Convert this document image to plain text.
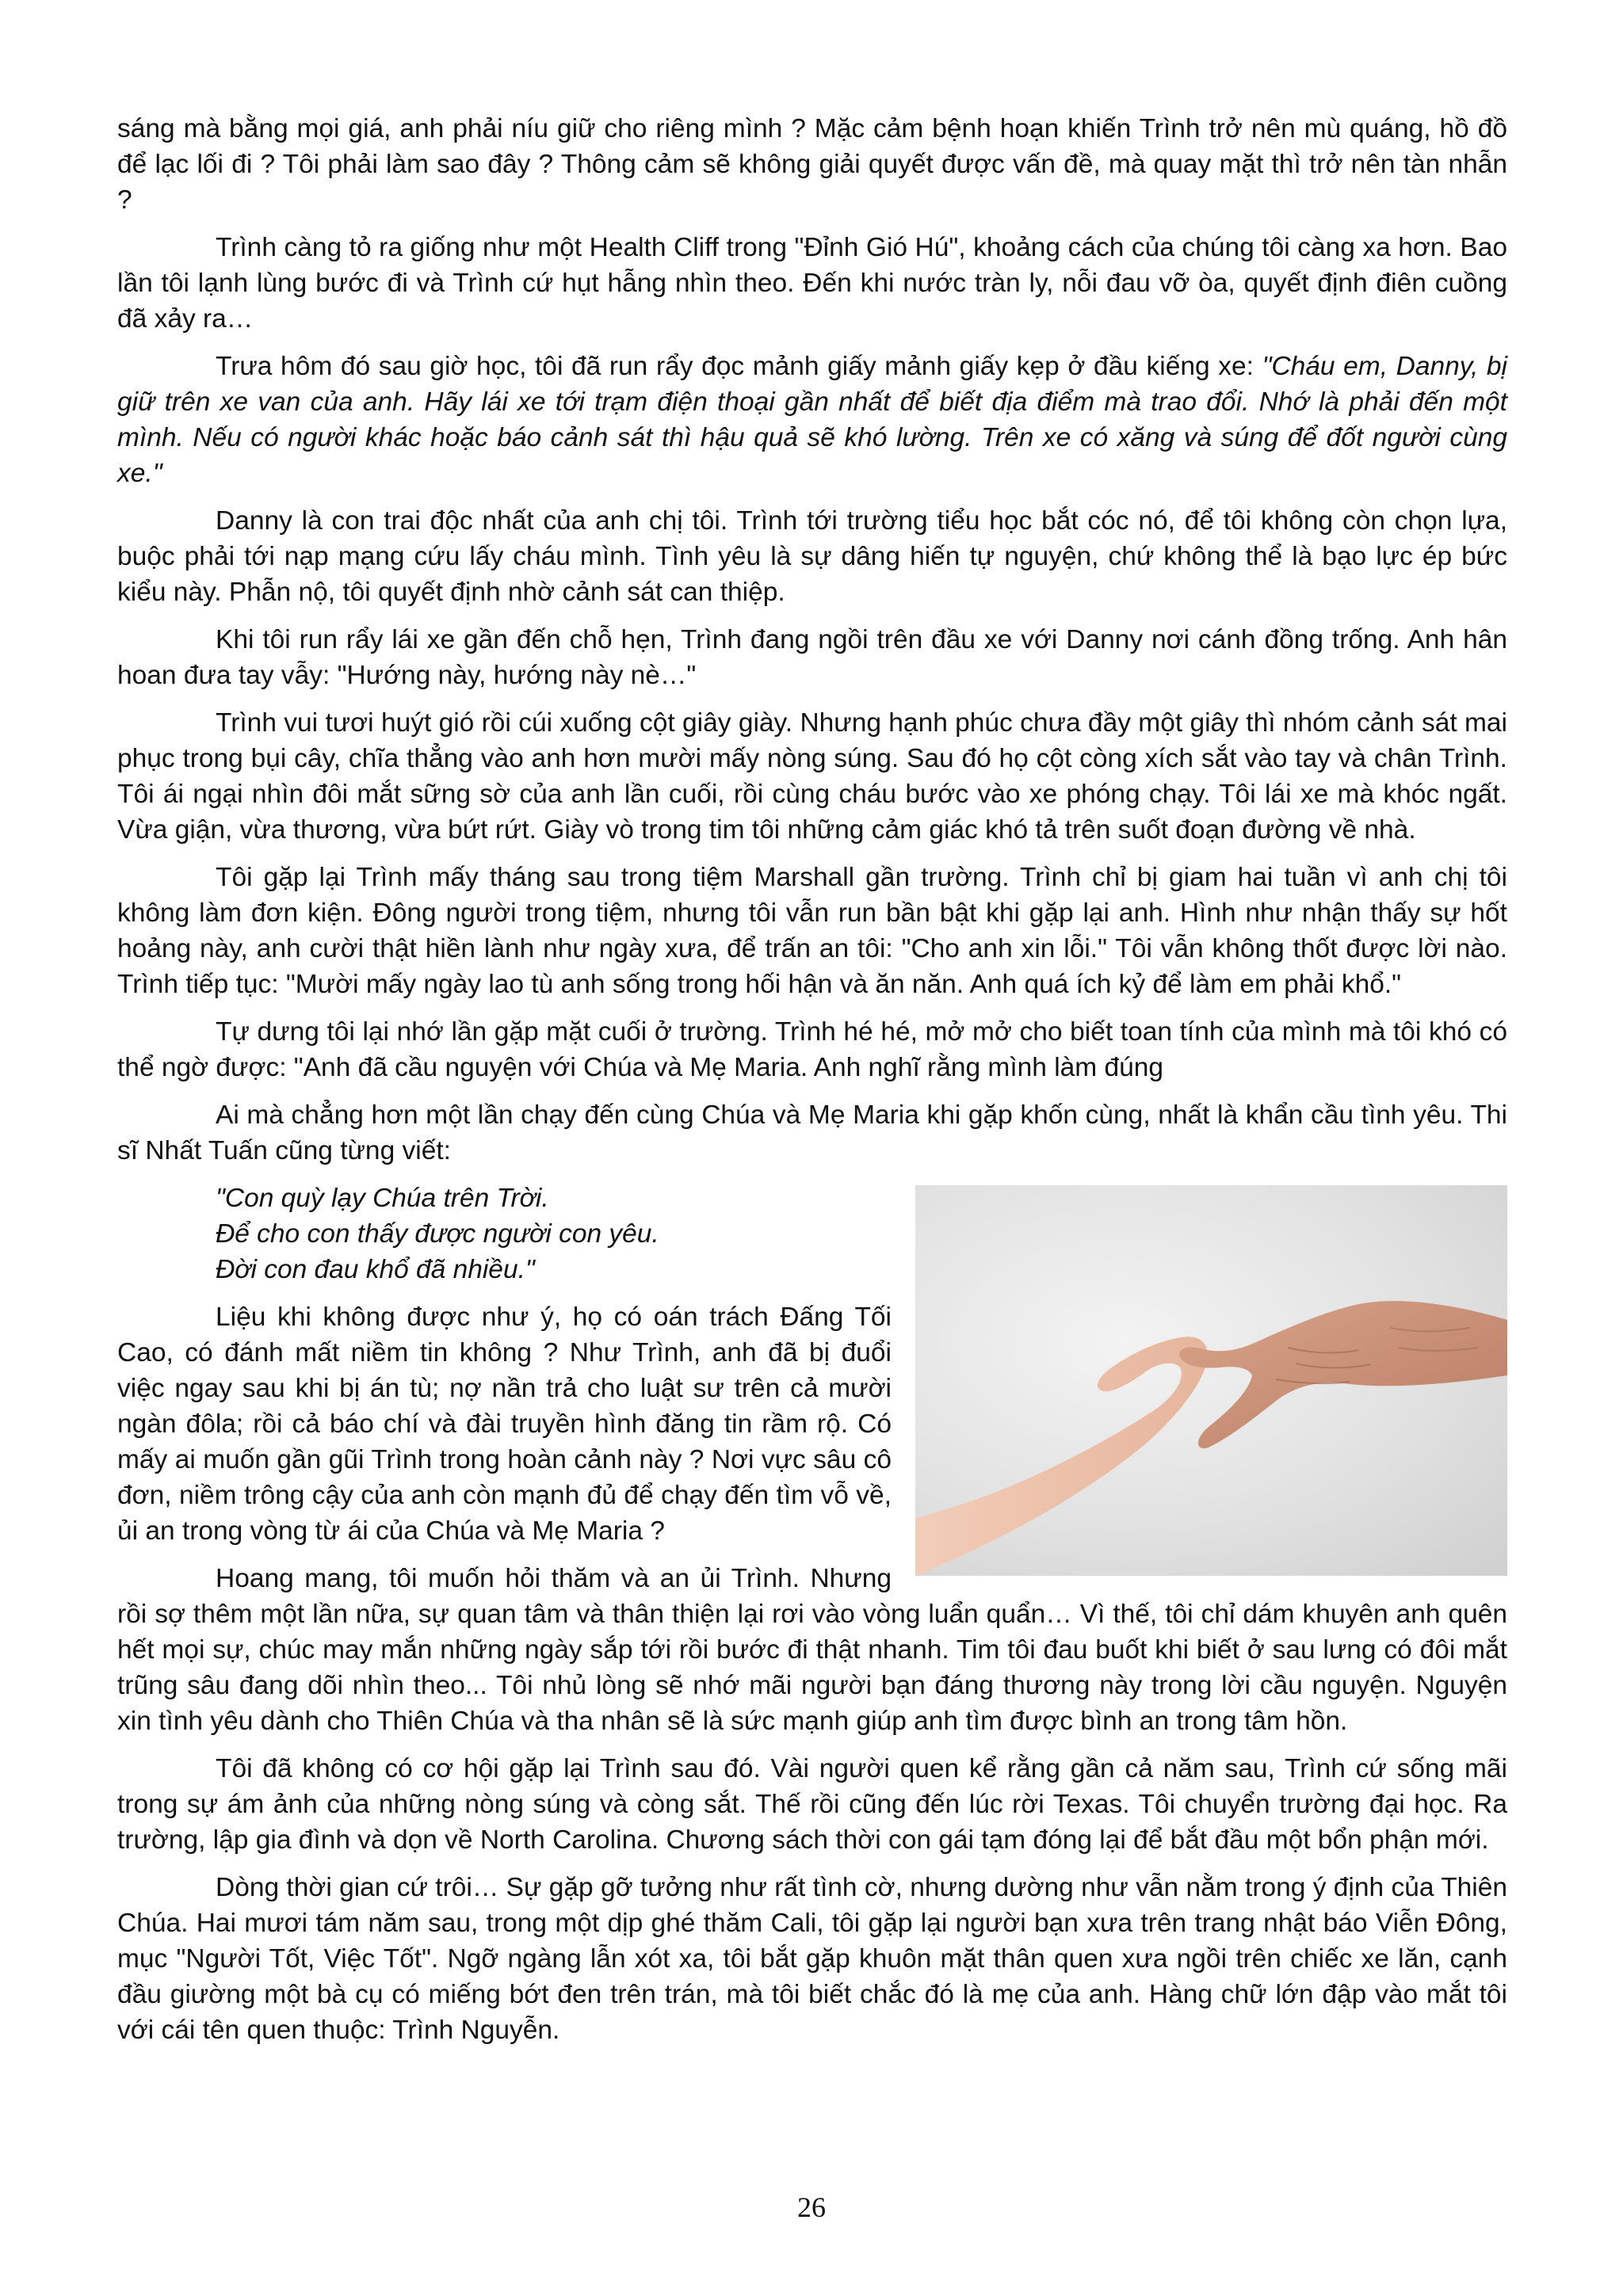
sáng mà bằng mọi giá, anh phải níu giữ cho riêng mình ? Mặc cảm bệnh hoạn khiến Trình trở nên mù quáng, hồ đồ để lạc lối đi ? Tôi phải làm sao đây ? Thông cảm sẽ không giải quyết được vấn đề, mà quay mặt thì trở nên tàn nhẫn ?

Trình càng tỏ ra giống như một Health Cliff trong "Đỉnh Gió Hú", khoảng cách của chúng tôi càng xa hơn. Bao lần tôi lạnh lùng bước đi và Trình cứ hụt hẫng nhìn theo. Đến khi nước tràn ly, nỗi đau vỡ òa, quyết định điên cuồng đã xảy ra…

Trưa hôm đó sau giờ học, tôi đã run rẩy đọc mảnh giấy mảnh giấy kẹp ở đầu kiếng xe: "Cháu em, Danny, bị giữ trên xe van của anh. Hãy lái xe tới trạm điện thoại gần nhất để biết địa điểm mà trao đổi. Nhớ là phải đến một mình. Nếu có người khác hoặc báo cảnh sát thì hậu quả sẽ khó lường. Trên xe có xăng và súng để đốt người cùng xe."

Danny là con trai độc nhất của anh chị tôi. Trình tới trường tiểu học bắt cóc nó, để tôi không còn chọn lựa, buộc phải tới nạp mạng cứu lấy cháu mình. Tình yêu là sự dâng hiến tự nguyện, chứ không thể là bạo lực ép bức kiểu này. Phẫn nộ, tôi quyết định nhờ cảnh sát can thiệp.

Khi tôi run rẩy lái xe gần đến chỗ hẹn, Trình đang ngồi trên đầu xe với Danny nơi cánh đồng trống. Anh hân hoan đưa tay vẫy: "Hướng này, hướng này nè…"

Trình vui tươi huýt gió rồi cúi xuống cột giây giày. Nhưng hạnh phúc chưa đầy một giây thì nhóm cảnh sát mai phục trong bụi cây, chĩa thẳng vào anh hơn mười mấy nòng súng. Sau đó họ cột còng xích sắt vào tay và chân Trình. Tôi ái ngại nhìn đôi mắt sững sờ của anh lần cuối, rồi cùng cháu bước vào xe phóng chạy. Tôi lái xe mà khóc ngất. Vừa giận, vừa thương, vừa bứt rứt. Giày vò trong tim tôi những cảm giác khó tả trên suốt đoạn đường về nhà.

Tôi gặp lại Trình mấy tháng sau trong tiệm Marshall gần trường. Trình chỉ bị giam hai tuần vì anh chị tôi không làm đơn kiện. Đông người trong tiệm, nhưng tôi vẫn run bần bật khi gặp lại anh. Hình như nhận thấy sự hốt hoảng này, anh cười thật hiền lành như ngày xưa, để trấn an tôi: "Cho anh xin lỗi." Tôi vẫn không thốt được lời nào. Trình tiếp tục: "Mười mấy ngày lao tù anh sống trong hối hận và ăn năn. Anh quá ích kỷ để làm em phải khổ."

Tự dưng tôi lại nhớ lần gặp mặt cuối ở trường. Trình hé hé, mở mở cho biết toan tính của mình mà tôi khó có thể ngờ được: "Anh đã cầu nguyện với Chúa và Mẹ Maria. Anh nghĩ rằng mình làm đúng

Ai mà chẳng hơn một lần chạy đến cùng Chúa và Mẹ Maria khi gặp khốn cùng, nhất là khẩn cầu tình yêu. Thi sĩ Nhất Tuấn cũng từng viết:

"Con quỳ lạy Chúa trên Trời.
Để cho con thấy được người con yêu.
Đời con đau khổ đã nhiều."

Liệu khi không được như ý, họ có oán trách Đấng Tối Cao, có đánh mất niềm tin không ? Như Trình, anh đã bị đuổi việc ngay sau khi bị án tù; nợ nần trả cho luật sư trên cả mười ngàn đôla; rồi cả báo chí và đài truyền hình đăng tin rầm rộ. Có mấy ai muốn gần gũi Trình trong hoàn cảnh này ? Nơi vực sâu cô đơn, niềm trông cậy của anh còn mạnh đủ để chạy đến tìm vỗ về, ủi an trong vòng từ ái của Chúa và Mẹ Maria ?

Hoang mang, tôi muốn hỏi thăm và an ủi Trình. Nhưng rồi sợ thêm một lần nữa, sự quan tâm và thân thiện lại rơi vào vòng luẩn quẩn… Vì thế, tôi chỉ dám khuyên anh quên hết mọi sự, chúc may mắn những ngày sắp tới rồi bước đi thật nhanh. Tim tôi đau buốt khi biết ở sau lưng có đôi mắt trũng sâu đang dõi nhìn theo... Tôi nhủ lòng sẽ nhớ mãi người bạn đáng thương này trong lời cầu nguyện. Nguyện xin tình yêu dành cho Thiên Chúa và tha nhân sẽ là sức mạnh giúp anh tìm được bình an trong tâm hồn.

Tôi đã không có cơ hội gặp lại Trình sau đó. Vài người quen kể rằng gần cả năm sau, Trình cứ sống mãi trong sự ám ảnh của những nòng súng và còng sắt. Thế rồi cũng đến lúc rời Texas. Tôi chuyển trường đại học. Ra trường, lập gia đình và dọn về North Carolina. Chương sách thời con gái tạm đóng lại để bắt đầu một bổn phận mới.

Dòng thời gian cứ trôi… Sự gặp gỡ tưởng như rất tình cờ, nhưng dường như vẫn nằm trong ý định của Thiên Chúa. Hai mươi tám năm sau, trong một dịp ghé thăm Cali, tôi gặp lại người bạn xưa trên trang nhật báo Viễn Đông, mục "Người Tốt, Việc Tốt". Ngỡ ngàng lẫn xót xa, tôi bắt gặp khuôn mặt thân quen xưa ngồi trên chiếc xe lăn, cạnh đầu giường một bà cụ có miếng bớt đen trên trán, mà tôi biết chắc đó là mẹ của anh. Hàng chữ lớn đập vào mắt tôi với cái tên quen thuộc: Trình Nguyễn.

26
